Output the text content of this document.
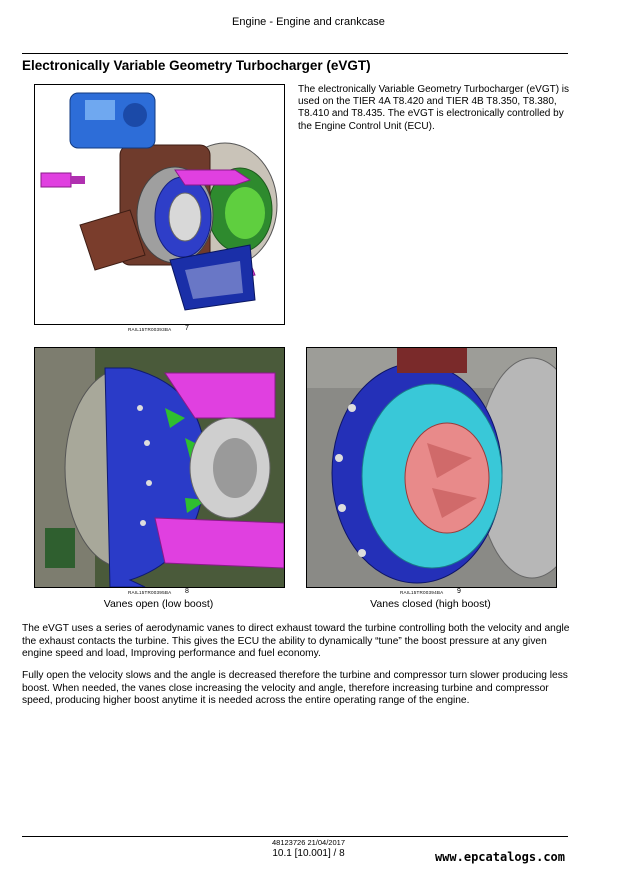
Engine - Engine and crankcase
Electronically Variable Geometry Turbocharger (eVGT)
RAIL15TR00393BA 7
The electronically Variable Geometry Turbocharger (eVGT) is used on the TIER 4A T8.420 and TIER 4B T8.350, T8.380, T8.410 and T8.435. The eVGT is electronically controlled by the Engine Control Unit (ECU).
RAIL15TR00395BA 8
Vanes open (low boost)
RAIL15TR00394BA 9
Vanes closed (high boost)
The eVGT uses a series of aerodynamic vanes to direct exhaust toward the turbine controlling both the velocity and angle the exhaust contacts the turbine. This gives the ECU the ability to dynamically “tune” the boost pressure at any given engine speed and load, Improving performance and fuel economy.
Fully open the velocity slows and the angle is decreased therefore the turbine and compressor turn slower producing less boost. When needed, the vanes close increasing the velocity and angle, therefore increasing turbine and compressor speed, producing higher boost anytime it is needed across the entire operating range of the engine.
48123726 21/04/2017
10.1 [10.001] / 8	www.epcatalogs.com
